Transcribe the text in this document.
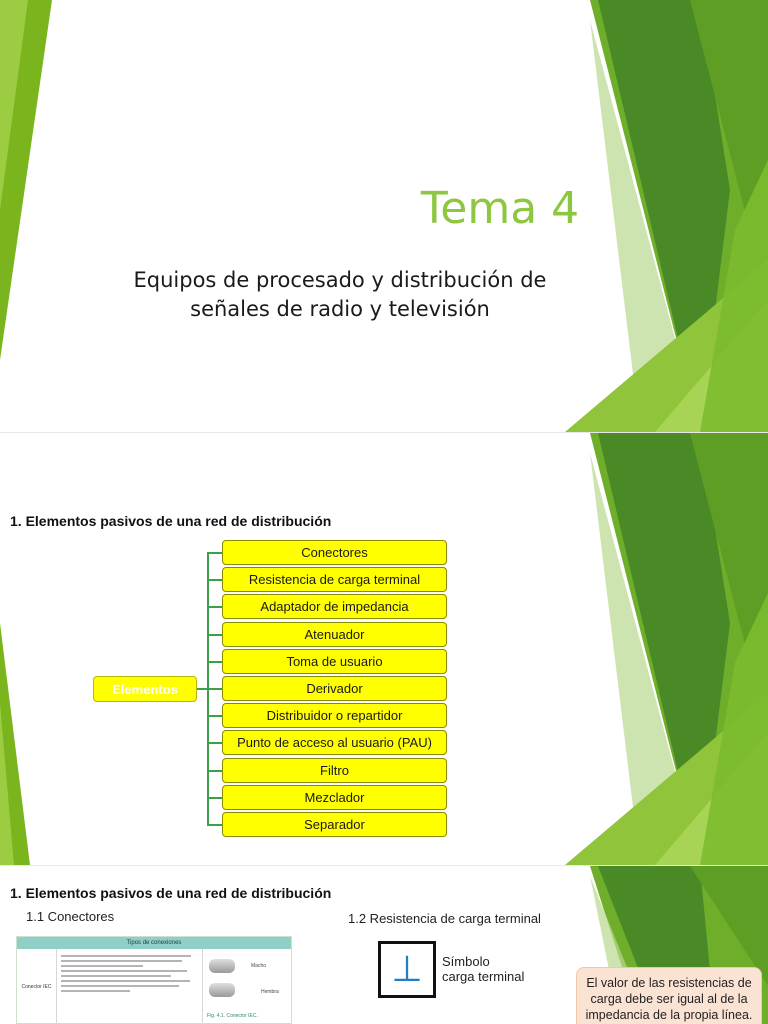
Tema 4
Equipos de procesado y distribución de
señales de radio y televisión
1. Elementos pasivos de una red de distribución
Elementos
Conectores
Resistencia de carga terminal
Adaptador de impedancia
Atenuador
Toma de usuario
Derivador
Distribuidor o repartidor
Punto de acceso al usuario (PAU)
Filtro
Mezclador
Separador
1. Elementos pasivos de una red de distribución
1.1 Conectores	1.2 Resistencia de carga terminal
Tipos de conexiones
Conector IEC
Macho
Hembra
Fig. 4.1. Conector IEC.
⊥ Símbolo
carga terminal	El valor de las resistencias de carga debe ser igual al de la impedancia de la propia línea.
